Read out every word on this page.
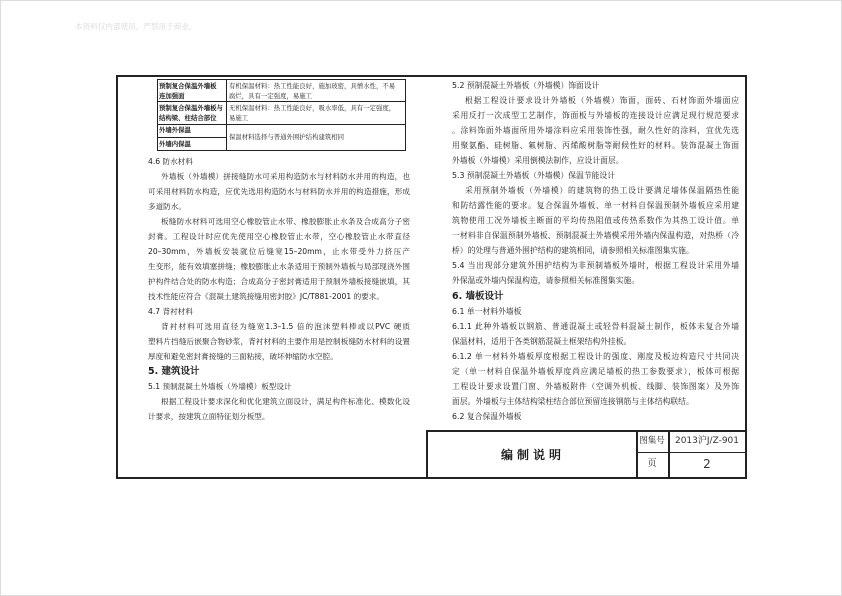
本资料仅内部使用，严禁用于商业。
预制复合保温外墙板
连加强面
有机保温材料：热工性能良好，施加玻密，具憎水性，不易
腐烂，具有一定强度，易施工
预制复合保温外墙板与
结构梁、柱结合部位
无机保温材料：热工性能良好，吸水率低，具有一定强度，
易施工
外墙外保温
外墙内保温
保温材料选择与普通外围护结构建筑相同
4.6 防水材料
外墙板（外墙模）拼接缝防水可采用构造防水与材料防水并用的构造，也
可采用材料防水构造，应优先选用构造防水与材料防水并用的构造措施，形成
多道防水。
板缝防水材料可选用空心橡胶管止水带、橡胶膨胀止水条及合成高分子密
封膏。工程设计时应优先使用空心橡胶管止水带，空心橡胶管止水带直径
20–30mm，外墙板安装就位后缝宽15–20mm，止水带受外力挤压产
生变形，能有效填塞拼缝；橡胶膨胀止水条适用于预制外墙板与局部现浇外围
护构件结合处的防水构造；合成高分子密封膏适用于预制外墙板接缝嵌填，其
技术性能应符合《混凝土建筑接缝用密封胶》JC/T881-2001 的要求。
4.7 背衬材料
背衬材料可选用直径为缝宽1.3–1.5 倍的泡沫塑料棒或以PVC 硬质
塑料片挡缝后嵌聚合物砂浆，背衬材料的主要作用是控制板缝防水材料的设置
厚度和避免密封膏接缝的三面粘接，破坏伸缩防水空腔。
5. 建筑设计
5.1 预制混凝土外墙板（外墙模）板型设计
根据工程设计要求深化和优化建筑立面设计，满足构件标准化、模数化设
计要求，按建筑立面特征划分板型。
5.2 预制混凝土外墙板（外墙模）饰面设计
根据工程设计要求设计外墙板（外墙模）饰面，面砖、石材饰面外墙面应
采用反打一次成型工艺制作，饰面板与外墙板的连接设计应满足现行规范要求
。涂料饰面外墙面所用外墙涂料应采用装饰性强，耐久性好的涂料，宜优先选
用聚氨酯、硅树脂、氟树脂、丙烯酸树脂等耐候性好的材料。装饰混凝土饰面
外墙板（外墙模）采用倒模法制作，应设计面层。
5.3 预制混凝土外墙板（外墙模）保温节能设计
采用预制外墙板（外墙模）的建筑物的热工设计要满足墙体保温隔热性能
和防结露性能的要求。复合保温外墙板、单一材料自保温预制外墙板应采用建
筑物使用工况外墙板主断面的平均传热阻值或传热系数作为其热工设计值。单
一材料非自保温预制外墙板、预制混凝土外墙模采用外墙内保温构造，对热桥（冷
桥）的处理与普通外围护结构的建筑相同，请参照相关标准图集实施。
5.4 当出现部分建筑外围护结构为非预制墙板外墙时，根据工程设计采用外墙
外保温或外墙内保温构造，请参照相关标准图集实施。
6. 墙板设计
6.1 单一材料外墙板
6.1.1 此种外墙板以钢筋、普通混凝土或轻骨料混凝土制作，板体未复合外墙
保温材料，适用于各类钢筋混凝土框架结构外挂板。
6.1.2 单一材料外墙板厚度根据工程设计的强度、刚度及板边构造尺寸共同决
定（单一材料自保温外墙板厚度尚应满足墙板的热工参数要求），板体可根据
工程设计要求设置门窗、外墙板附件（空调外机板、线脚、装饰图案）及外饰
面层。外墙板与主体结构梁柱结合部位预留连接钢筋与主体结构联结。
6.2 复合保温外墙板
编制说明
图集号	2013沪J/Z-901
页	2
